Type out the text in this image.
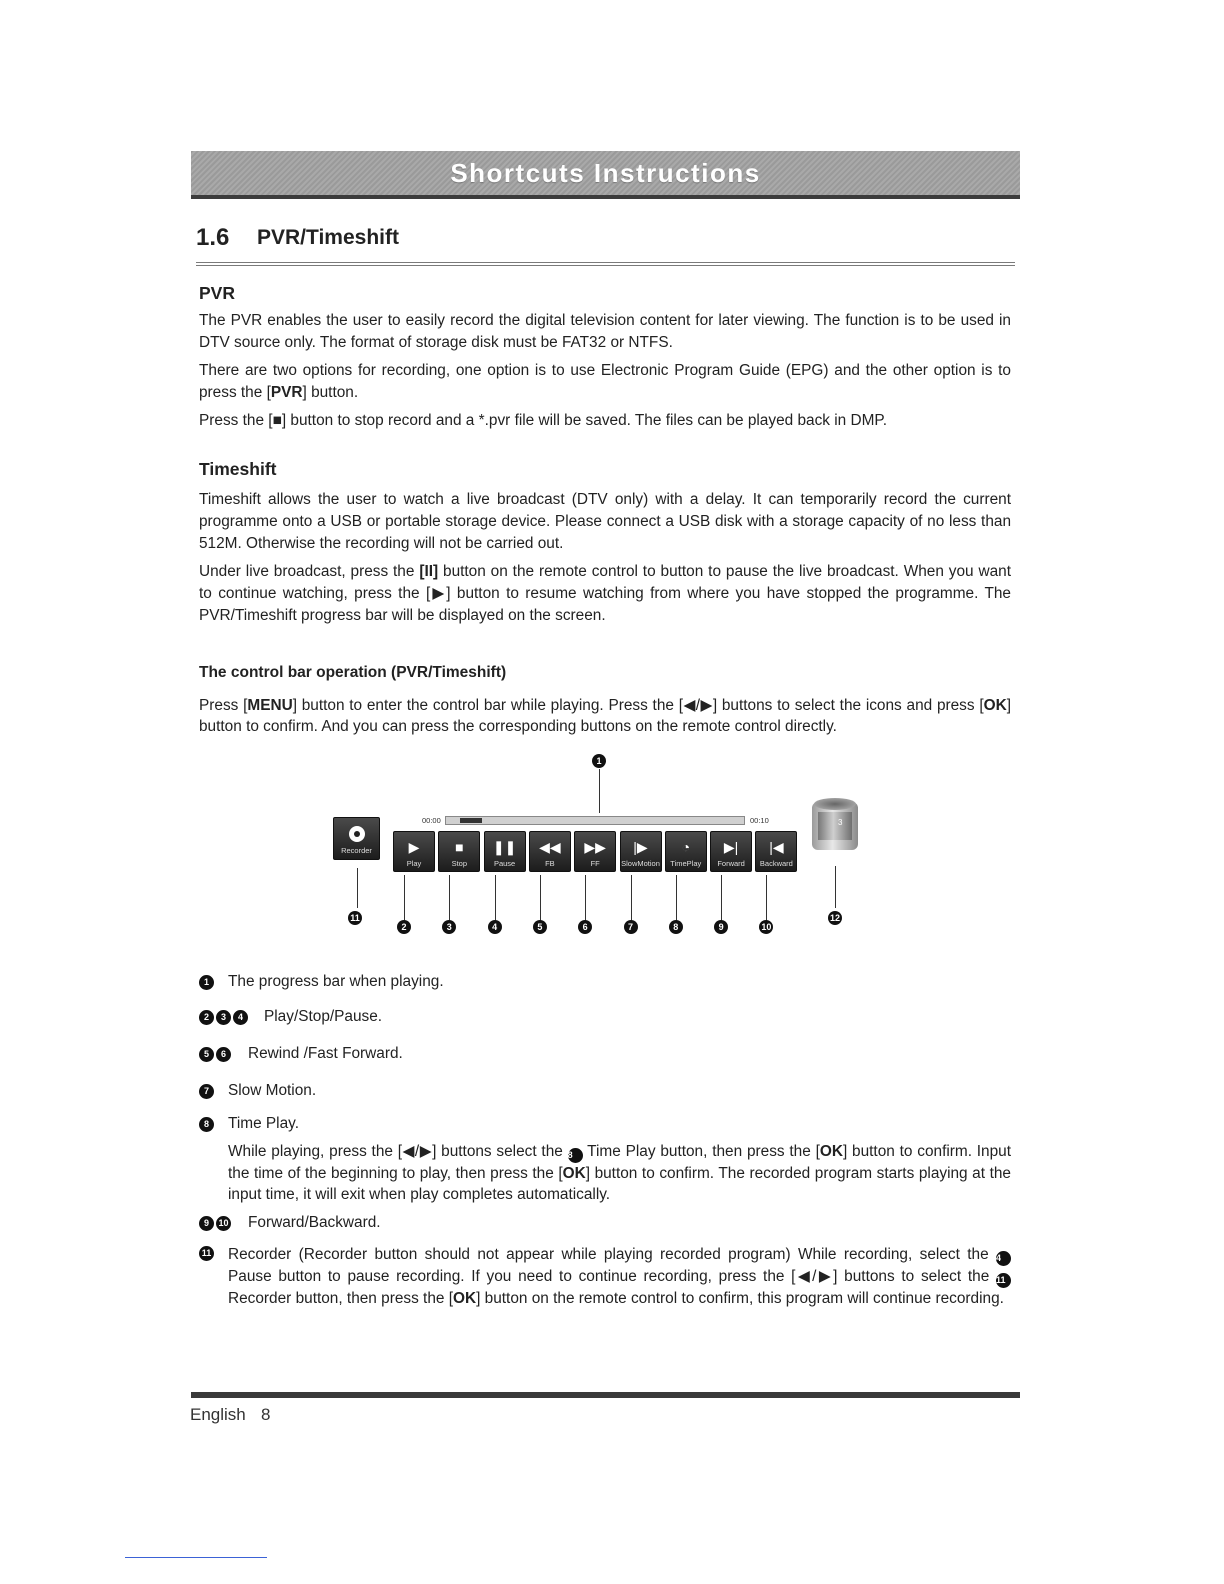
Shortcuts Instructions
1.6 PVR/Timeshift
PVR
The PVR enables the user to easily record the digital television content for later viewing. The function is to be used in DTV source only. The format of storage disk must be FAT32 or NTFS.
There are two options for recording, one option is to use Electronic Program Guide (EPG) and the other option is to press the [PVR] button.
Press the [■] button to stop record and a *.pvr file will be saved. The files can be played back in DMP.
Timeshift
Timeshift allows the user to watch a live broadcast (DTV only) with a delay. It can temporarily record the current programme onto a USB or portable storage device. Please connect a USB disk with a storage capacity of no less than 512M. Otherwise the recording will not be carried out.
Under live broadcast, press the [II] button on the remote control to button to pause the live broadcast. When you want to continue watching, press the [▶] button to resume watching from where you have stopped the programme. The PVR/Timeshift progress bar will be displayed on the screen.
The control bar operation (PVR/Timeshift)
Press [MENU] button to enter the control bar while playing. Press the [◀/▶] buttons to select the icons and press [OK] button to confirm. And you can press the corresponding buttons on the remote control directly.
1
00:00	00:10
Recorder	▶
Play
■
Stop
❚❚
Pause
◀◀
FB
▶▶
FF
|▶
SlowMotion
◔
TimePlay
▶|
Forward
|◀
Backward
3
11	12
2	3	4	5	6	7	8	9	10
1	The progress bar when playing.
2	3	4	Play/Stop/Pause.
5	6	Rewind /Fast Forward.
7	Slow Motion.
8	Time Play.
While playing, press the [◀/▶] buttons select the 8 Time Play button, then press the [OK] button to confirm. Input the time of the beginning to play, then press the [OK] button to confirm. The recorded program starts playing at the input time, it will exit when play completes automatically.
9	10 Forward/Backward.
11 Recorder (Recorder button should not appear while playing recorded program) While recording, select the 4 Pause button to pause recording. If you need to continue recording, press the [◀/▶] buttons to select the 11 Recorder button, then press the [OK] button on the remote control to confirm, this program will continue recording.
English 8
